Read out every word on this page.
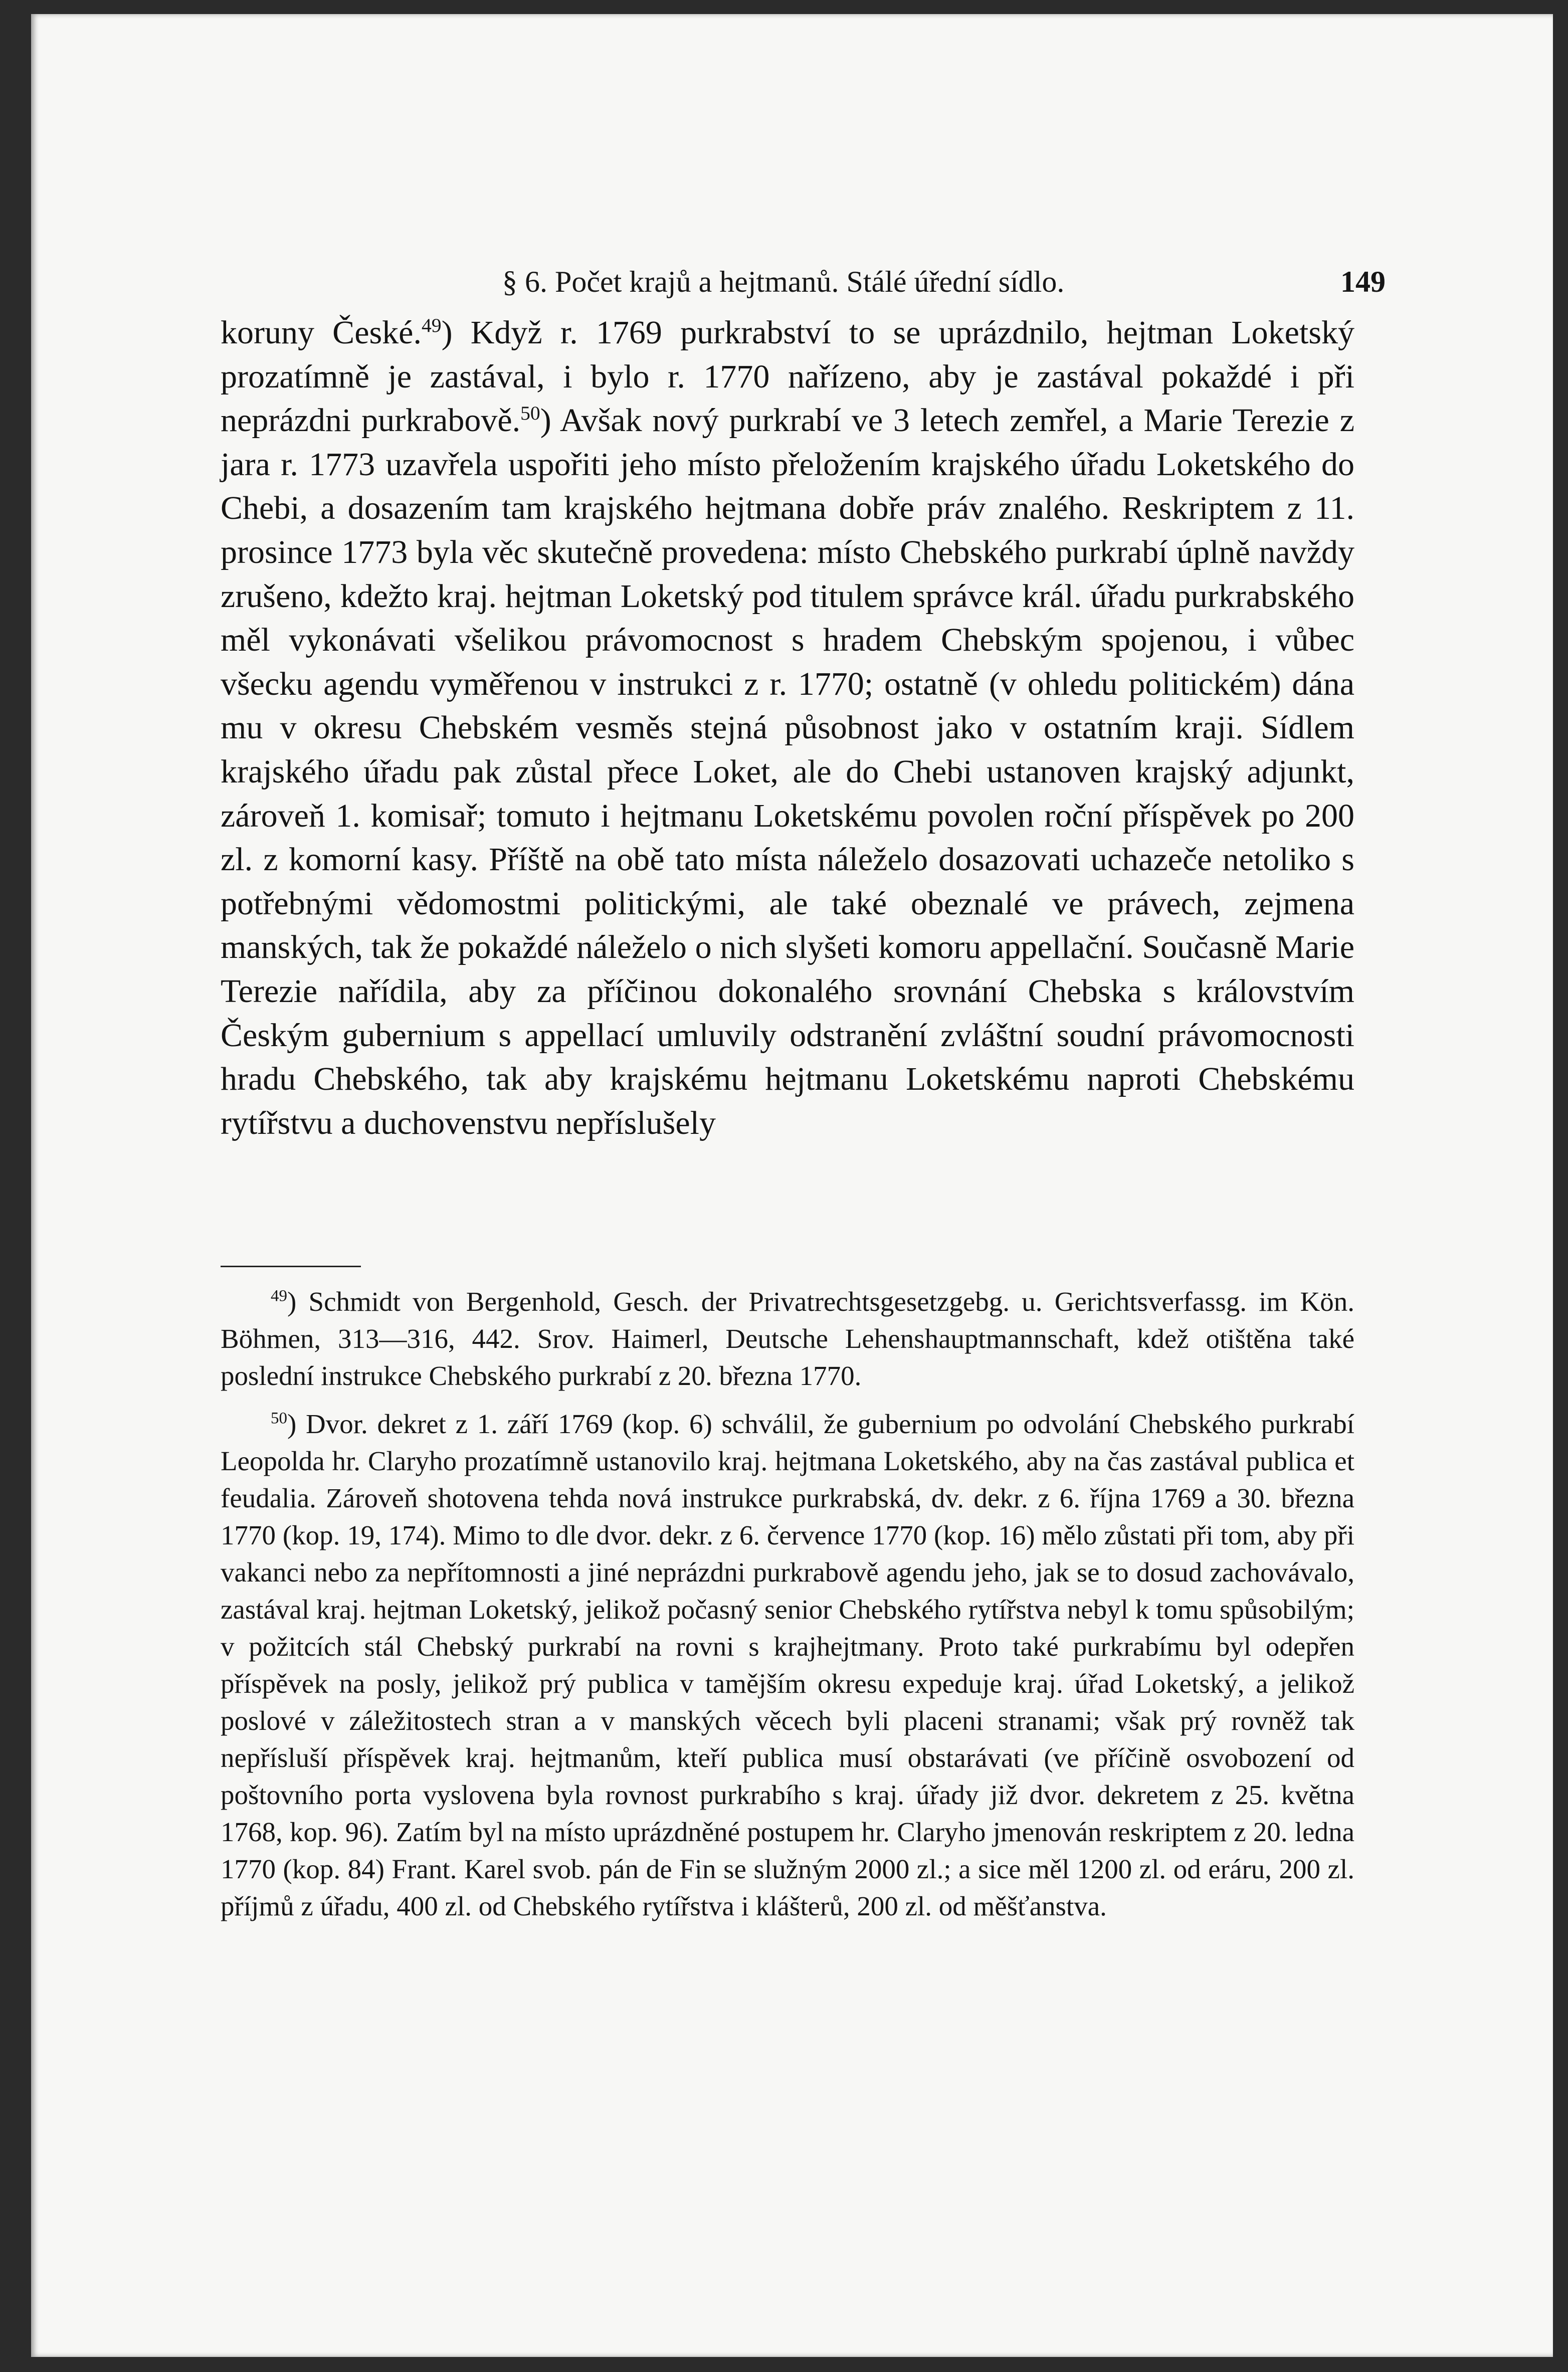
§ 6. Počet krajů a hejtmanů. Stálé úřední sídlo.	149

koruny České.$^{49}$) Když r. 1769 purkrabství to se uprázdnilo, hejtman Loketský prozatímně je zastával, i bylo r. 1770 nařízeno, aby je zastával pokaždé i při neprázdni purkrabově.$^{50}$) Avšak nový purkrabí ve 3 letech zemřel, a Marie Terezie z jara r. 1773 uzavřela uspořiti jeho místo přeložením krajského úřadu Loketského do Chebi, a dosazením tam krajského hejtmana dobře práv znalého. Reskriptem z 11. prosince 1773 byla věc skutečně provedena: místo Chebského purkrabí úplně navždy zrušeno, kdežto kraj. hejtman Loketský pod titulem správce král. úřadu purkrabského měl vykonávati všelikou právomocnost s hradem Chebským spojenou, i vůbec všecku agendu vyměřenou v instrukci z r. 1770; ostatně (v ohledu politickém) dána mu v okresu Chebském vesměs stejná působnost jako v ostatním kraji. Sídlem krajského úřadu pak zůstal přece Loket, ale do Chebi ustanoven krajský adjunkt, zároveň 1. komisař; tomuto i hejtmanu Loketskému povolen roční příspěvek po 200 zl. z komorní kasy. Příště na obě tato místa náleželo dosazovati uchazeče netoliko s potřebnými vědomostmi politickými, ale také obeznalé ve právech, zejmena manských, tak že pokaždé náleželo o nich slyšeti komoru appellační. Současně Marie Terezie nařídila, aby za příčinou dokonalého srovnání Chebska s královstvím Českým gubernium s appellací umluvily odstranění zvláštní soudní právomocnosti hradu Chebského, tak aby krajskému hejtmanu Loketskému naproti Chebskému rytířstvu a duchovenstvu nepříslušely

$^{49}$) Schmidt von Bergenhold, Gesch. der Privatrechtsgesetzgebg. u. Gerichtsverfassg. im Kön. Böhmen, 313—316, 442. Srov. Haimerl, Deutsche Lehenshauptmannschaft, kdež otištěna také poslední instrukce Chebského purkrabí z 20. března 1770.

$^{50}$) Dvor. dekret z 1. září 1769 (kop. 6) schválil, že gubernium po odvolání Chebského purkrabí Leopolda hr. Claryho prozatímně ustanovilo kraj. hejtmana Loketského, aby na čas zastával publica et feudalia. Zároveň shotovena tehda nová instrukce purkrabská, dv. dekr. z 6. října 1769 a 30. března 1770 (kop. 19, 174). Mimo to dle dvor. dekr. z 6. července 1770 (kop. 16) mělo zůstati při tom, aby při vakanci nebo za nepřítomnosti a jiné neprázdni purkrabově agendu jeho, jak se to dosud zachovávalo, zastával kraj. hejtman Loketský, jelikož počasný senior Chebského rytířstva nebyl k tomu spůsobilým; v požitcích stál Chebský purkrabí na rovni s krajhejtmany. Proto také purkrabímu byl odepřen příspěvek na posly, jelikož prý publica v tamějším okresu expeduje kraj. úřad Loketský, a jelikož poslové v záležitostech stran a v manských věcech byli placeni stranami; však prý rovněž tak nepřísluší příspěvek kraj. hejtmanům, kteří publica musí obstarávati (ve příčině osvobození od poštovního porta vyslovena byla rovnost purkrabího s kraj. úřady již dvor. dekretem z 25. května 1768, kop. 96). Zatím byl na místo uprázdněné postupem hr. Claryho jmenován reskriptem z 20. ledna 1770 (kop. 84) Frant. Karel svob. pán de Fin se služným 2000 zl.; a sice měl 1200 zl. od eráru, 200 zl. příjmů z úřadu, 400 zl. od Chebského rytířstva i klášterů, 200 zl. od měšťanstva.
